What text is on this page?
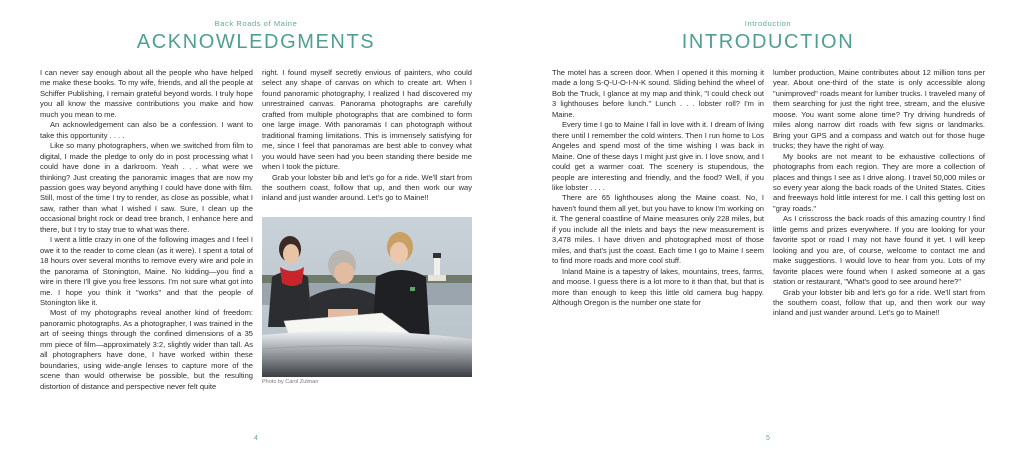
Back Roads of Maine
ACKNOWLEDGMENTS

I can never say enough about all the people who have helped me make these books. To my wife, friends, and all the people at Schiffer Publishing, I remain grateful beyond words. I truly hope you all know the massive contributions you make and how much you mean to me.

An acknowledgement can also be a confession. I want to take this opportunity . . . .

Like so many photographers, when we switched from film to digital, I made the pledge to only do in post processing what I could have done in a darkroom. Yeah . . . what were we thinking? Just creating the panoramic images that are now my passion goes way beyond anything I could have done with film. Still, most of the time I try to render, as close as possible, what I saw, rather than what I wished I saw. Sure, I clean up the occasional bright rock or dead tree branch, I enhance here and there, but I try to stay true to what was there.

I went a little crazy in one of the following images and I feel I owe it to the reader to come clean (as it were). I spent a total of 18 hours over several months to remove every wire and pole in the panorama of Stonington, Maine. No kidding—you find a wire in there I'll give you free lessons. I'm not sure what got into me. I hope you think it "works" and that the people of Stonington like it.

Most of my photographs reveal another kind of freedom: panoramic photographs. As a photographer, I was trained in the art of seeing things through the confined dimensions of a 35 mm piece of film—approximately 3:2, slightly wider than tall. As all photographers have done, I have worked within these boundaries, using wide-angle lenses to capture more of the scene than would otherwise be possible, but the resulting distortion of distance and perspective never felt quite

right. I found myself secretly envious of painters, who could select any shape of canvas on which to create art. When I found panoramic photography, I realized I had discovered my unrestrained canvas. Panorama photographs are carefully crafted from multiple photographs that are combined to form one large image. With panoramas I can photograph without traditional framing limitations. This is immensely satisfying for me, since I feel that panoramas are best able to convey what you would have seen had you been standing there beside me when I took the picture.

Grab your lobster bib and let's go for a ride. We'll start from the southern coast, follow that up, and then work our way inland and just wander around. Let's go to Maine!!

Photo by Carol Zulman
4
Introduction
INTRODUCTION

The motel has a screen door. When I opened it this morning it made a long S-Q-U-O-I-N-K sound. Sliding behind the wheel of Bob the Truck, I glance at my map and think, "I could check out 3 lighthouses before lunch." Lunch . . . lobster roll? I'm in Maine.

Every time I go to Maine I fall in love with it. I dream of living there until I remember the cold winters. Then I run home to Los Angeles and spend most of the time wishing I was back in Maine. One of these days I might just give in. I love snow, and I could get a warmer coat. The scenery is stupendous, the people are interesting and friendly, and the food? Well, if you like lobster . . . .

There are 65 lighthouses along the Maine coast. No, I haven't found them all yet, but you have to know I'm working on it. The general coastline of Maine measures only 228 miles, but if you include all the inlets and bays the new measurement is 3,478 miles. I have driven and photographed most of those miles, and that's just the coast. Each time I go to Maine I seem to find more roads and more cool stuff.

Inland Maine is a tapestry of lakes, mountains, trees, farms, and moose. I guess there is a lot more to it than that, but that is more than enough to keep this little old camera bug happy. Although Oregon is the number one state for

lumber production, Maine contributes about 12 million tons per year. About one-third of the state is only accessible along "unimproved" roads meant for lumber trucks. I traveled many of them searching for just the right tree, stream, and the elusive moose. You want some alone time? Try driving hundreds of miles along narrow dirt roads with few signs or landmarks. Bring your GPS and a compass and watch out for those huge trucks; they have the right of way.

My books are not meant to be exhaustive collections of photographs from each region. They are more a collection of places and things I see as I drive along. I travel 50,000 miles or so every year along the back roads of the United States. Cities and freeways hold little interest for me. I call this getting lost on "gray roads."

As I crisscross the back roads of this amazing country I find little gems and prizes everywhere. If you are looking for your favorite spot or road I may not have found it yet. I will keep looking and you are, of course, welcome to contact me and make suggestions. I would love to hear from you. Lots of my favorite places were found when I asked someone at a gas station or restaurant, "What's good to see around here?"

Grab your lobster bib and let's go for a ride. We'll start from the southern coast, follow that up, and then work our way inland and just wander around. Let's go to Maine!!

5
